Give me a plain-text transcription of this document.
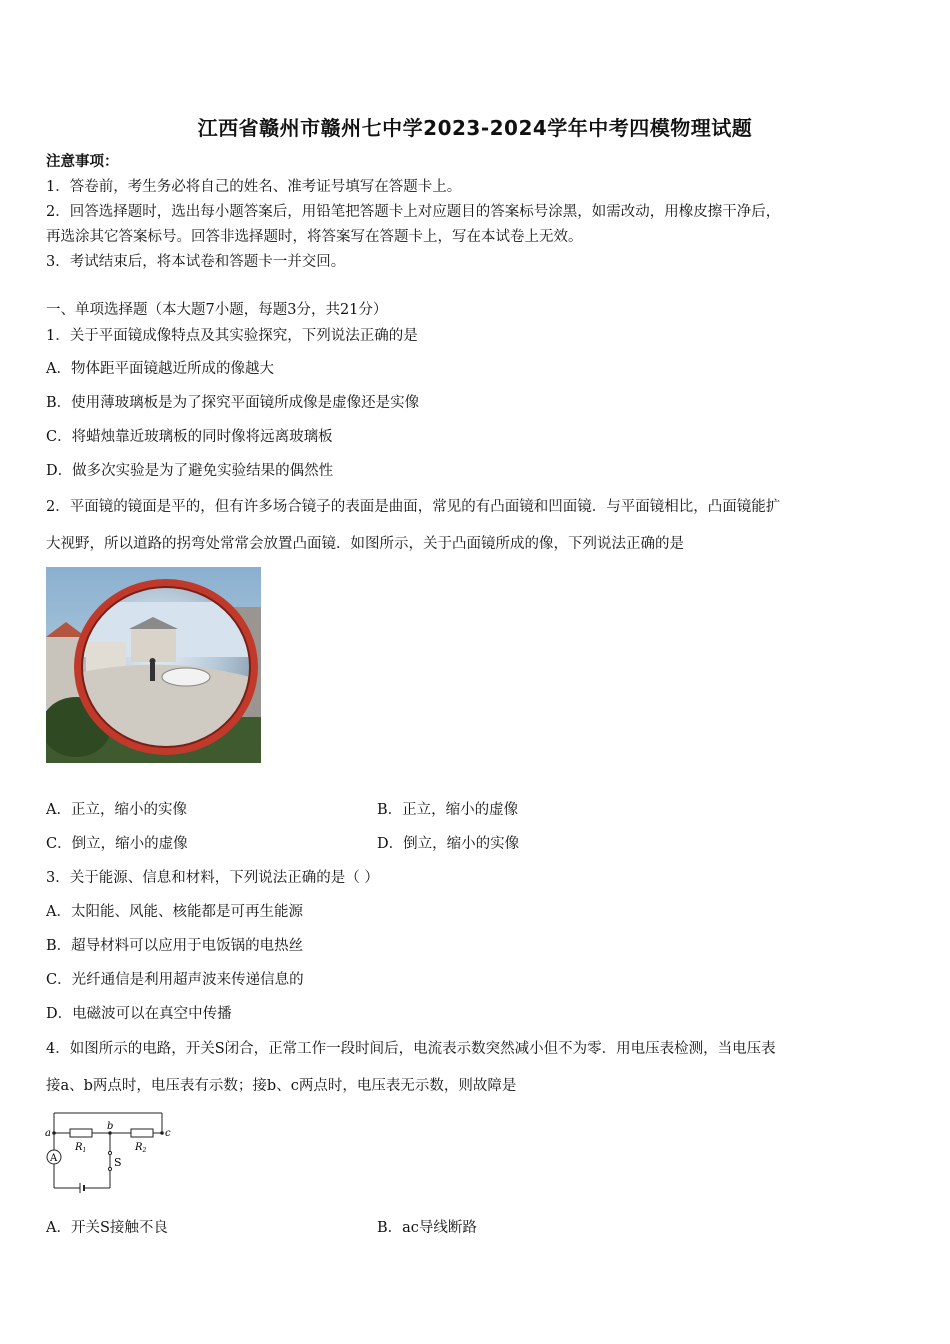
江西省赣州市赣州七中学2023-2024学年中考四模物理试题
注意事项：
1．答卷前，考生务必将自己的姓名、准考证号填写在答题卡上。
2．回答选择题时，选出每小题答案后，用铅笔把答题卡上对应题目的答案标号涂黑，如需改动，用橡皮擦干净后，
再选涂其它答案标号。回答非选择题时，将答案写在答题卡上，写在本试卷上无效。
3．考试结束后，将本试卷和答题卡一并交回。
一、单项选择题（本大题7小题，每题3分，共21分）
1．关于平面镜成像特点及其实验探究，下列说法正确的是
A．物体距平面镜越近所成的像越大
B．使用薄玻璃板是为了探究平面镜所成像是虚像还是实像
C．将蜡烛靠近玻璃板的同时像将远离玻璃板
D．做多次实验是为了避免实验结果的偶然性
2．平面镜的镜面是平的，但有许多场合镜子的表面是曲面，常见的有凸面镜和凹面镜．与平面镜相比，凸面镜能扩
大视野，所以道路的拐弯处常常会放置凸面镜．如图所示，关于凸面镜所成的像，下列说法正确的是
A．正立，缩小的实像	B．正立，缩小的虚像
C．倒立，缩小的虚像	D．倒立，缩小的实像
3．关于能源、信息和材料，下列说法正确的是（ ）
A．太阳能、风能、核能都是可再生能源
B．超导材料可以应用于电饭锅的电热丝
C．光纤通信是利用超声波来传递信息的
D．电磁波可以在真空中传播
4．如图所示的电路，开关S闭合，正常工作一段时间后，电流表示数突然减小但不为零．用电压表检测，当电压表
接a、b两点时，电压表有示数；接b、c两点时，电压表无示数，则故障是
a
b
c
$R_1$	$R_2$
A	S
A．开关S接触不良	B．ac导线断路
